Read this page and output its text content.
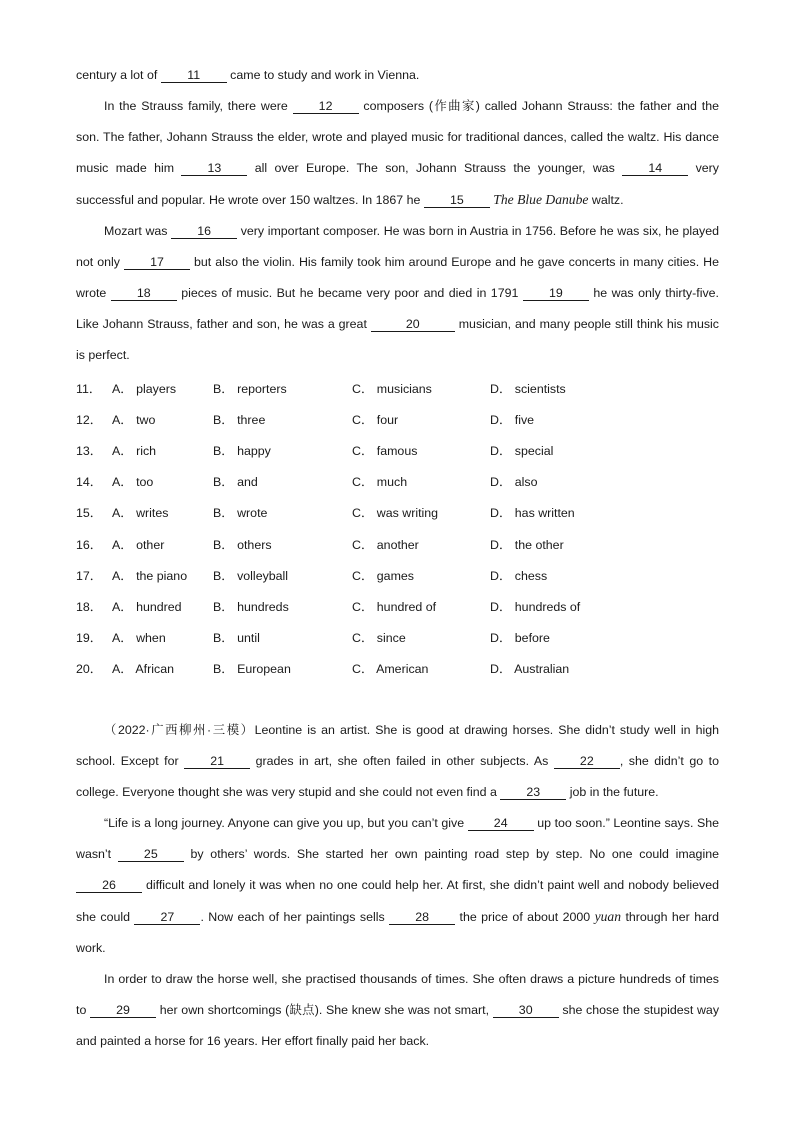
century a lot of 11 came to study and work in Vienna.

In the Strauss family, there were 12 composers (作曲家) called Johann Strauss: the father and the son. The father, Johann Strauss the elder, wrote and played music for traditional dances, called the waltz. His dance music made him 13 all over Europe. The son, Johann Strauss the younger, was 14 very successful and popular. He wrote over 150 waltzes. In 1867 he 15 The Blue Danube waltz.

Mozart was 16 very important composer. He was born in Austria in 1756. Before he was six, he played not only 17 but also the violin. His family took him around Europe and he gave concerts in many cities. He wrote 18 pieces of music. But he became very poor and died in 1791 19 he was only thirty-five. Like Johann Strauss, father and son, he was a great	20	musician, and many people still think his music is perfect.

11． A． players	B． reporters	C． musicians	D． scientists
12． A． two	B． three	C． four	D． five
13． A． rich	B． happy	C． famous	D． special
14． A． too	B． and	C． much	D． also
15． A． writes	B． wrote	C． was writing	D． has written
16． A． other	B． others	C． another	D． the other
17． A． the piano B． volleyball	C． games	D． chess
18． A． hundred	B． hundreds	C． hundred of	D． hundreds of
19． A． when	B． until	C． since	D． before
20． A． African	B． European	C． American	D． Australian

（2022·广西柳州·三模）Leontine is an artist. She is good at drawing horses. She didn’t study well in high school. Except for 21 grades in art, she often failed in other subjects. As 22 , she didn’t go to college. Everyone thought she was very stupid and she could not even find a 23 job in the future.

“Life is a long journey. Anyone can give you up, but you can’t give 24 up too soon.” Leontine says. She wasn’t 25 by others’ words. She started her own painting road step by step. No one could imagine 26 difficult and lonely it was when no one could help her. At first, she didn’t paint well and nobody believed she could 27 . Now each of her paintings sells 28 the price of about 2000 yuan through her hard work.

In order to draw the horse well, she practised thousands of times. She often draws a picture hundreds of times to 29 her own shortcomings (缺点). She knew she was not smart, 30 she chose the stupidest way and painted a horse for 16 years. Her effort finally paid her back.
